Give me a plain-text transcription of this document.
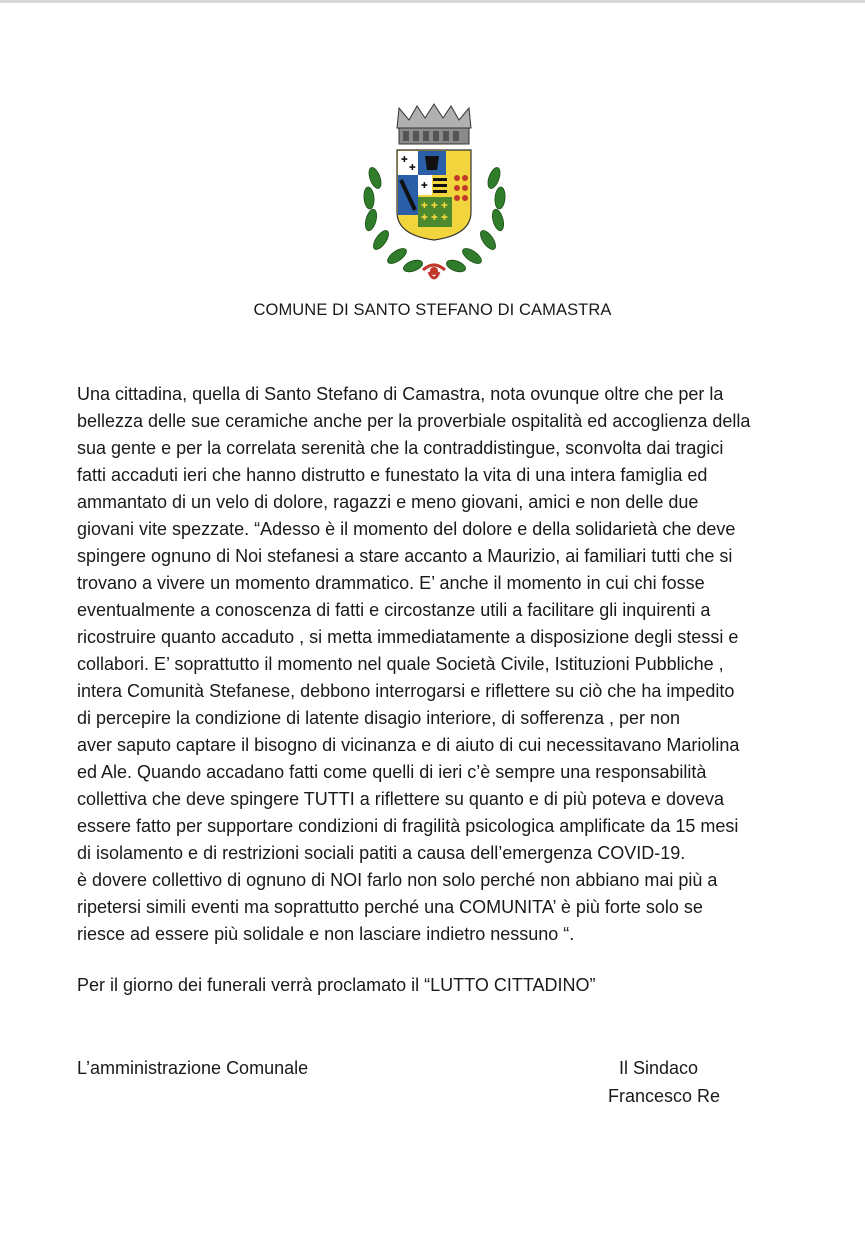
✚ ✚ ✚
✚ ✚ ✚
✚
✚
✚
COMUNE DI SANTO STEFANO DI CAMASTRA
Una cittadina, quella di Santo Stefano di Camastra, nota ovunque oltre che per la
bellezza delle sue ceramiche anche per la proverbiale ospitalità ed accoglienza della
sua gente e per la correlata serenità che la contraddistingue, sconvolta dai tragici
fatti accaduti ieri che hanno distrutto e funestato la vita di una intera famiglia ed
ammantato di un velo di dolore, ragazzi e meno giovani, amici e non delle due
giovani vite spezzate. “Adesso è il momento del dolore e della solidarietà che deve
spingere ognuno di Noi stefanesi a stare accanto a Maurizio, ai familiari tutti che si
trovano a vivere un momento drammatico. E’ anche il momento in cui chi fosse
eventualmente a conoscenza di fatti e circostanze utili a facilitare gli inquirenti a
ricostruire quanto accaduto , si metta immediatamente a disposizione degli stessi e
collabori. E’ soprattutto il momento nel quale Società Civile, Istituzioni Pubbliche ,
intera Comunità Stefanese, debbono interrogarsi e riflettere su ciò che ha impedito
di percepire la condizione di latente disagio interiore, di sofferenza , per non
aver saputo captare il bisogno di vicinanza e di aiuto di cui necessitavano Mariolina
ed Ale. Quando accadano fatti come quelli di ieri c’è sempre una responsabilità
collettiva che deve spingere TUTTI a riflettere su quanto e di più poteva e doveva
essere fatto per supportare condizioni di fragilità psicologica amplificate da 15 mesi
di isolamento e di restrizioni sociali patiti a causa dell’emergenza COVID-19.
è dovere collettivo di ognuno di NOI farlo non solo perché non abbiano mai più a
ripetersi simili eventi ma soprattutto perché una COMUNITA’ è più forte solo se
riesce ad essere più solidale e non lasciare indietro nessuno “.
Per il giorno dei funerali verrà proclamato il “LUTTO CITTADINO”
L’amministrazione Comunale	Il Sindaco
Francesco Re
